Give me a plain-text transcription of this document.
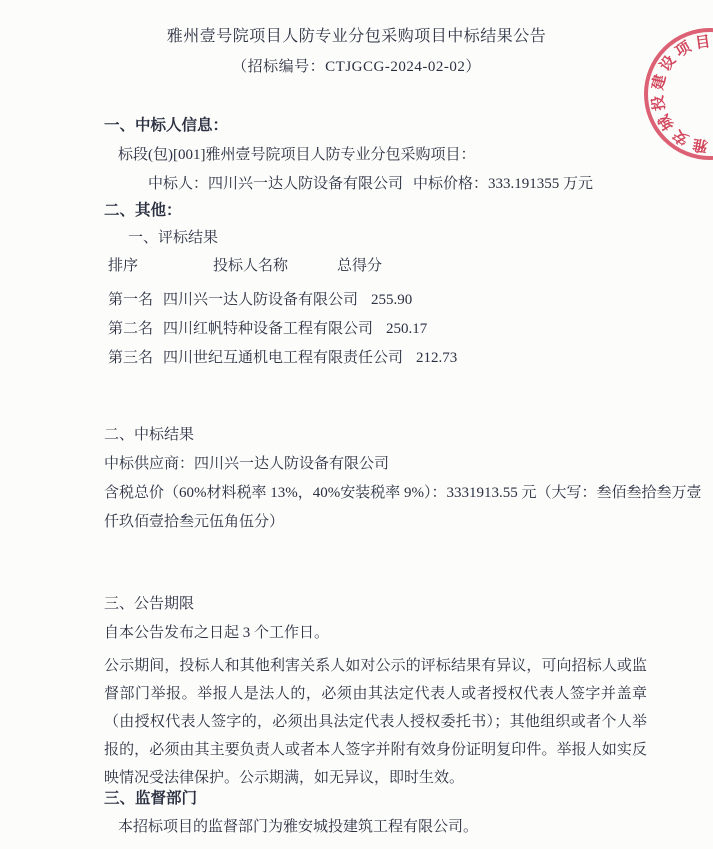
雅州壹号院项目人防专业分包采购项目中标结果公告
（招标编号：CTJGCG-2024-02-02）
一、中标人信息：
标段(包)[001]雅州壹号院项目人防专业分包采购项目：
中标人：四川兴一达人防设备有限公司 中标价格：333.191355 万元
二、其他：
一、评标结果
排序	投标人名称	总得分
第一名 四川兴一达人防设备有限公司 255.90
第二名 四川红帆特种设备工程有限公司 250.17
第三名 四川世纪互通机电工程有限责任公司 212.73
二、中标结果
中标供应商：四川兴一达人防设备有限公司
含税总价（60%材料税率 13%，40%安装税率 9%）：3331913.55 元（大写：叁佰叁拾叁万壹
仟玖佰壹拾叁元伍角伍分）
三、公告期限
自本公告发布之日起 3 个工作日。
公示期间，投标人和其他利害关系人如对公示的评标结果有异议，可向招标人或监督部门举报。举报人是法人的，必须由其法定代表人或者授权代表人签字并盖章（由授权代表人签字的，必须出具法定代表人授权委托书）；其他组织或者个人举报的，必须由其主要负责人或者本人签字并附有效身份证明复印件。举报人如实反映情况受法律保护。公示期满，如无异议，即时生效。
三、监督部门
本招标项目的监督部门为雅安城投建筑工程有限公司。
雅
安
城
投
建
设
项 目
